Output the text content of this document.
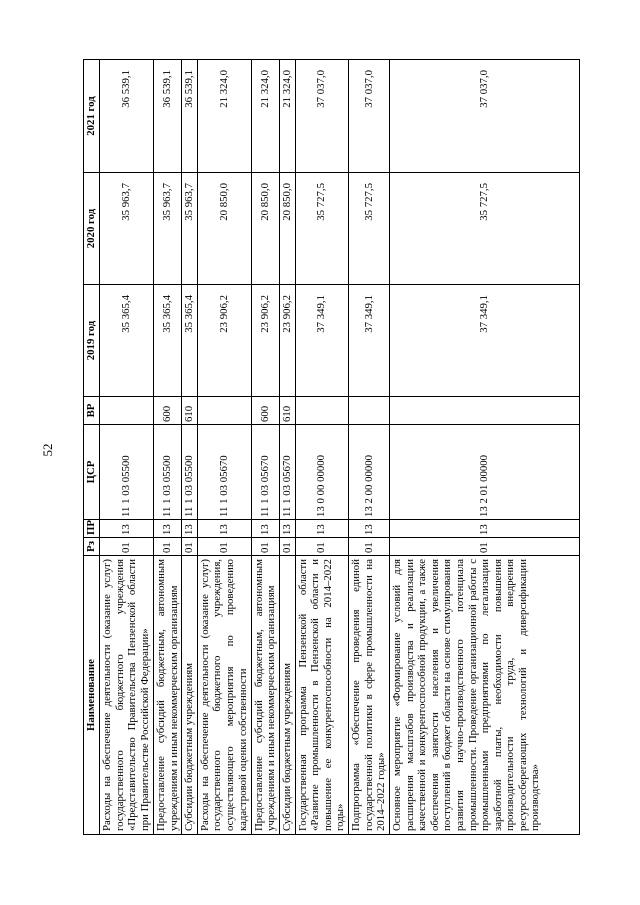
52
Наименование	Рз	ПР	ЦСР	ВР	2019 год	2020 год	2021 год
Расходы на обеспечение деятельности (оказание услуг) государственного бюджетного учреждения «Представительство Правительства Пензенской области при Правительстве Российской Федерации»	01	13	11 1 03 05500		35 365,4	35 963,7	36 539,1
Предоставление субсидий бюджетным, автономным учреждениям и иным некоммерческим организациям	01	13	11 1 03 05500	600	35 365,4	35 963,7	36 539,1
Субсидии бюджетным учреждениям	01	13	11 1 03 05500	610	35 365,4	35 963,7	36 539,1
Расходы на обеспечение деятельности (оказание услуг) государственного бюджетного учреждения, осуществляющего мероприятия по проведению кадастровой оценки собственности	01	13	11 1 03 05670		23 906,2	20 850,0	21 324,0
Предоставление субсидий бюджетным, автономным учреждениям и иным некоммерческим организациям	01	13	11 1 03 05670	600	23 906,2	20 850,0	21 324,0
Субсидии бюджетным учреждениям	01	13	11 1 03 05670	610	23 906,2	20 850,0	21 324,0
Государственная программа Пензенской области «Развитие промышленности в Пензенской области и повышение ее конкурентоспособности на 2014–2022 годы»	01	13	13 0 00 00000		37 349,1	35 727,5	37 037,0
Подпрограмма «Обеспечение проведения единой государственной политики в сфере промышленности на 2014–2022 годы»	01	13	13 2 00 00000		37 349,1	35 727,5	37 037,0
Основное мероприятие «Формирование условий для расширения масштабов производства и реализации качественной и конкурентоспособной продукции, а также обеспечения занятости населения и увеличения поступлений в бюджет области на основе стимулирования развития научно-производственного потенциала промышленности. Проведение организационной работы с промышленными предприятиями по легализации заработной платы, необходимости повышения производительности труда, внедрения ресурсосберегающих технологий и диверсификации производства»	01	13	13 2 01 00000		37 349,1	35 727,5	37 037,0
